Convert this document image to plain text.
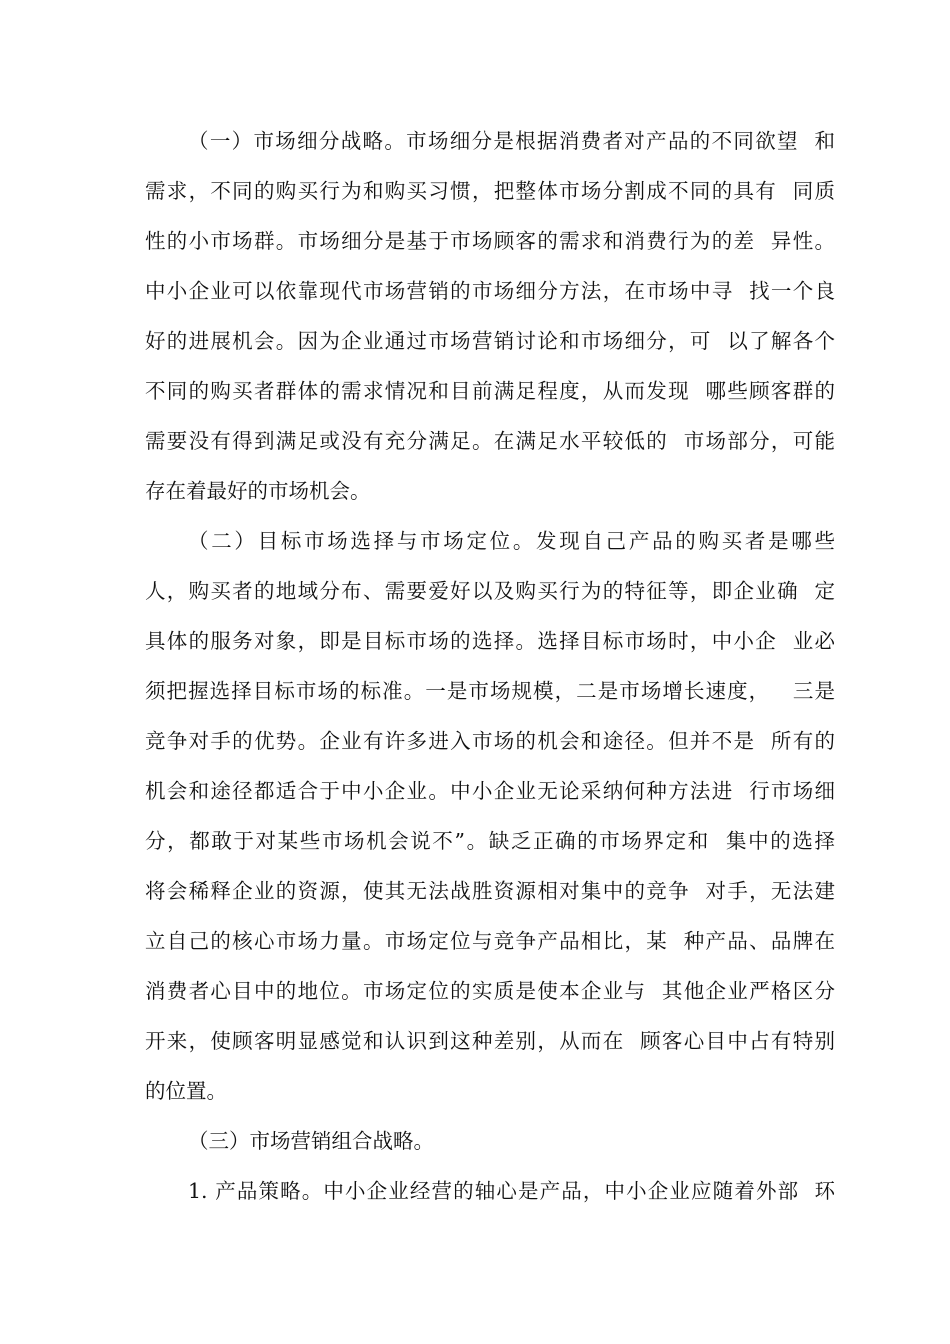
（一）市场细分战略。市场细分是根据消费者对产品的不同欲望  和
需求，不同的购买行为和购买习惯，把整体市场分割成不同的具有  同质
性的小市场群。市场细分是基于市场顾客的需求和消费行为的差  异性。
中小企业可以依靠现代市场营销的市场细分方法，在市场中寻  找一个良
好的进展机会。因为企业通过市场营销讨论和市场细分，可  以了解各个
不同的购买者群体的需求情况和目前满足程度，从而发现  哪些顾客群的
需要没有得到满足或没有充分满足。在满足水平较低的  市场部分，可能
存在着最好的市场机会。
（二）目标市场选择与市场定位。发现自己产品的购买者是哪些
人，购买者的地域分布、需要爱好以及购买行为的特征等，即企业确  定
具体的服务对象，即是目标市场的选择。选择目标市场时，中小企  业必
须把握选择目标市场的标准。一是市场规模，二是市场增长速度，   三是
竞争对手的优势。企业有许多进入市场的机会和途径。但并不是  所有的
机会和途径都适合于中小企业。中小企业无论采纳何种方法进  行市场细
分，都敢于对某些市场机会说不”。缺乏正确的市场界定和  集中的选择
将会稀释企业的资源，使其无法战胜资源相对集中的竞争  对手，无法建
立自己的核心市场力量。市场定位与竞争产品相比，某  种产品、品牌在
消费者心目中的地位。市场定位的实质是使本企业与  其他企业严格区分
开来，使顾客明显感觉和认识到这种差别，从而在  顾客心目中占有特别
的位置。
（三）市场营销组合战略。
1. 产品策略。中小企业经营的轴心是产品，中小企业应随着外部  环
